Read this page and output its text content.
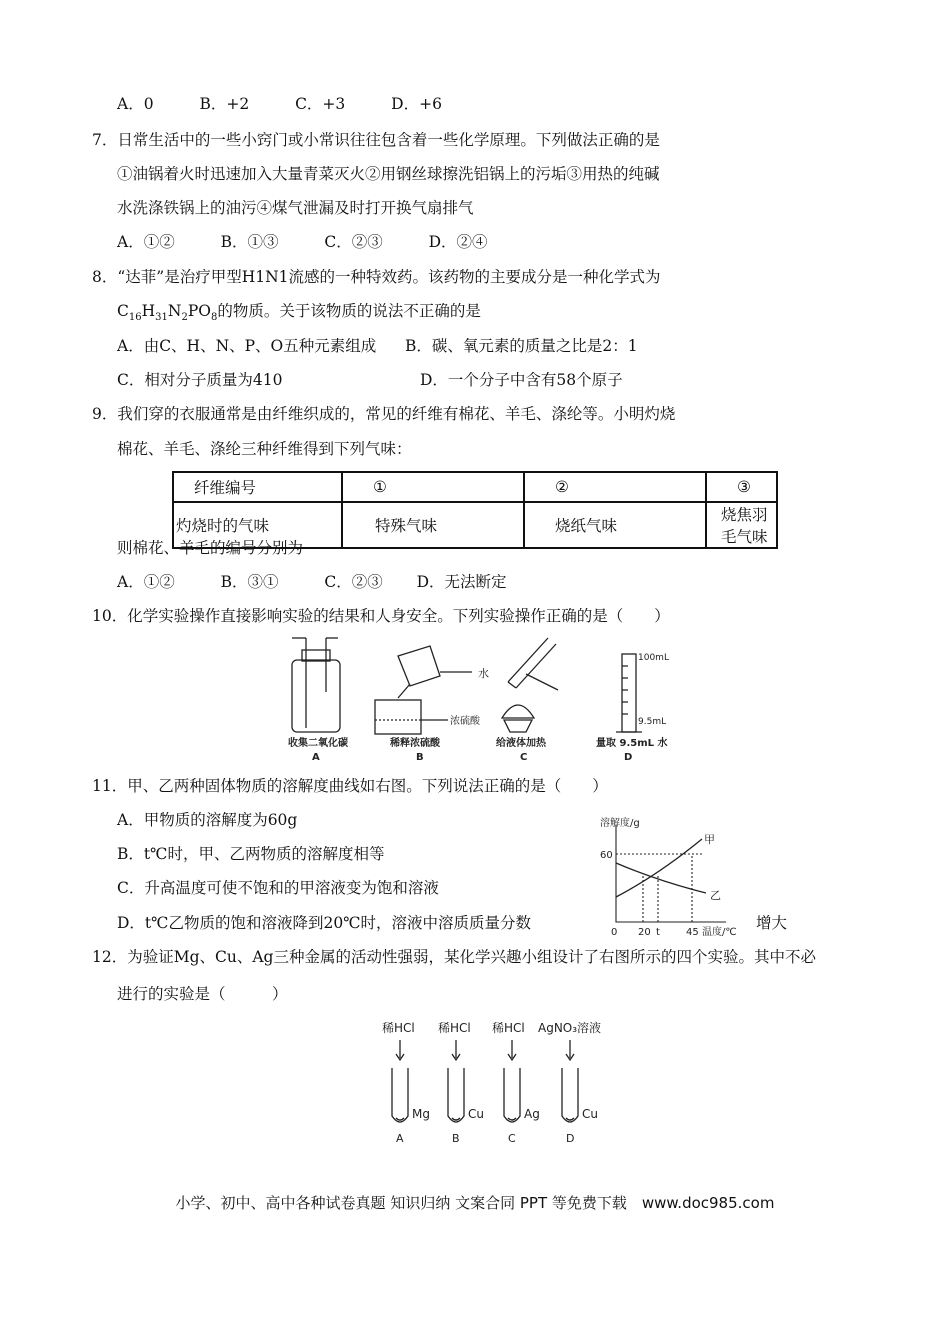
A．0	B．+2	C．+3	D．+6
7．日常生活中的一些小窍门或小常识往往包含着一些化学原理。下列做法正确的是
①油锅着火时迅速加入大量青菜灭火②用钢丝球擦洗铝锅上的污垢③用热的纯碱
水洗涤铁锅上的油污④煤气泄漏及时打开换气扇排气
A．①②	B．①③	C．②③	D．②④
8．“达菲”是治疗甲型H1N1流感的一种特效药。该药物的主要成分是一种化学式为
$C_{16}H_{31}N_2PO_8$的物质。关于该物质的说法不正确的是
A．由C、H、N、P、O五种元素组成 B．碳、氧元素的质量之比是2：1
C．相对分子质量为410	D．一个分子中含有58个原子
9．我们穿的衣服通常是由纤维织成的，常见的纤维有棉花、羊毛、涤纶等。小明灼烧
棉花、羊毛、涤纶三种纤维得到下列气味：
纤维编号	①	②	③
灼烧时的气味	特殊气味	烧纸气味	烧焦羽毛气味
则棉花、羊毛的编号分别为
A．①②	B．③①	C．②③ D．无法断定
10．化学实验操作直接影响实验的结果和人身安全。下列实验操作正确的是（　　）
水
浓硫酸
100mL
9.5mL
收集二氧化碳	稀释浓硫酸	给液体加热	量取 9.5mL 水
A	B	C	D
11．甲、乙两种固体物质的溶解度曲线如右图。下列说法正确的是（　　）
A．甲物质的溶解度为60g
B．t℃时，甲、乙两物质的溶解度相等
C．升高温度可使不饱和的甲溶液变为饱和溶液
D．t℃乙物质的饱和溶液降到20℃时，溶液中溶质质量分数	增大
溶解度/g
60
甲
乙
0 20 t	45 温度/℃
12．为验证Mg、Cu、Ag三种金属的活动性强弱，某化学兴趣小组设计了右图所示的四个实验。其中不必
进行的实验是（　　　）
稀HCl 稀HCl 稀HCl AgNO₃溶液
Mg	Cu	Ag	Cu
A	B	C	D
小学、初中、高中各种试卷真题 知识归纳 文案合同 PPT 等免费下载　www.doc985.com
